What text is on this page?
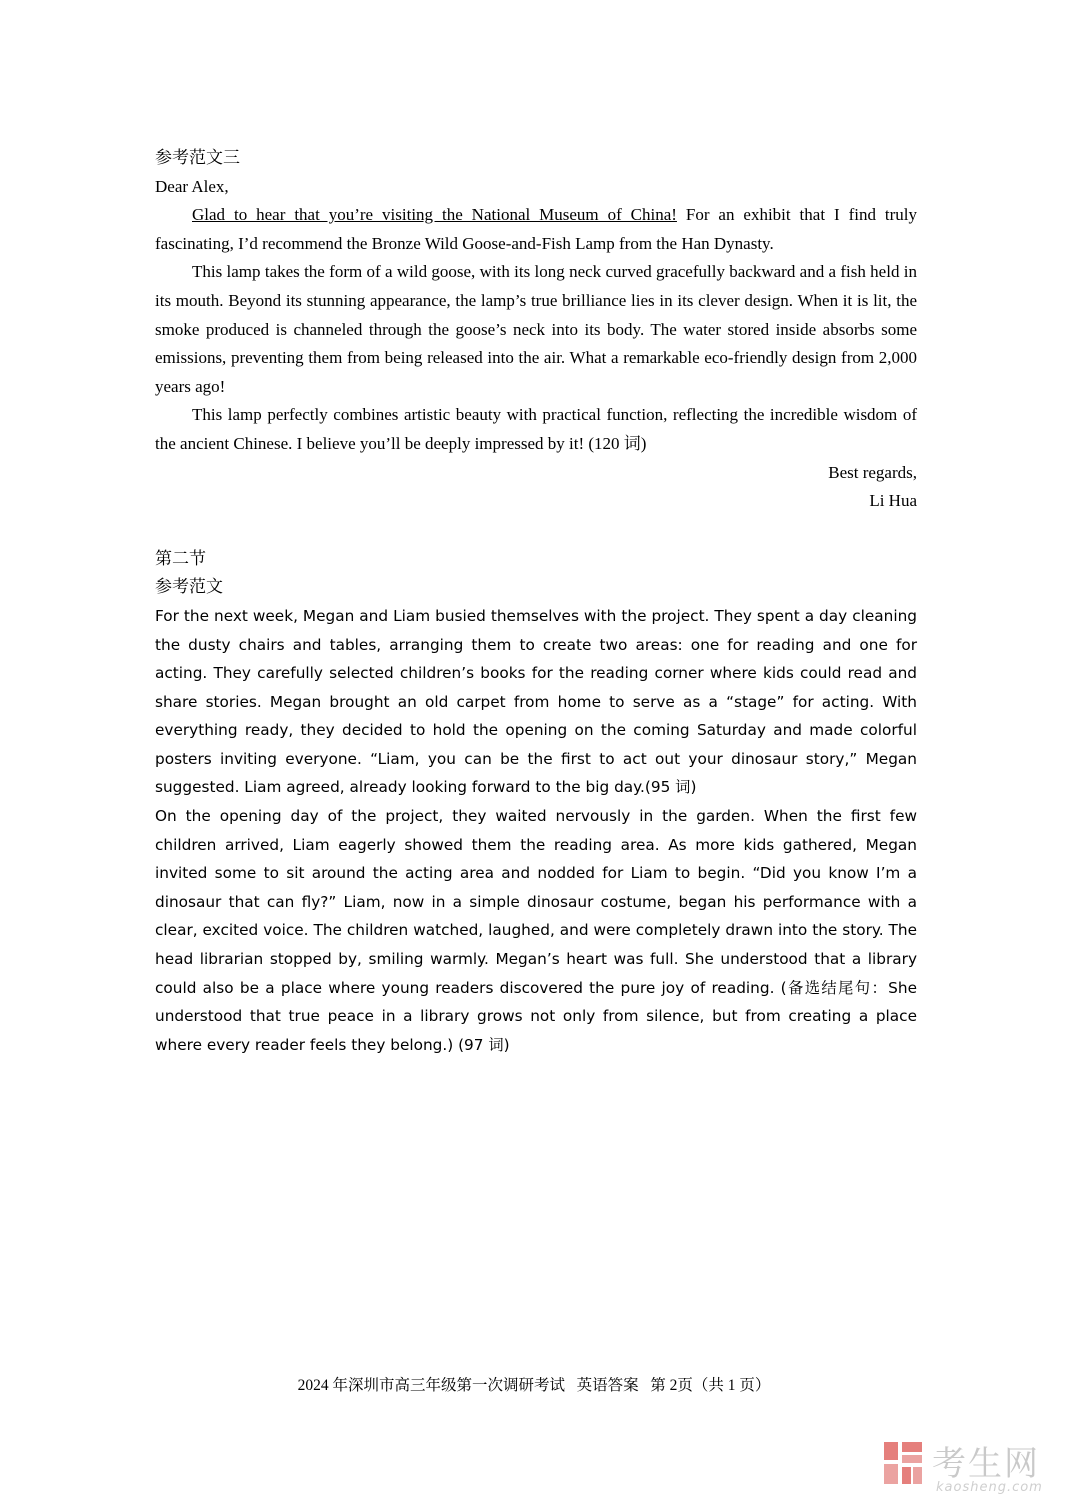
参考范文三

Dear Alex,

Glad to hear that you’re visiting the National Museum of China! For an exhibit that I find truly fascinating, I’d recommend the Bronze Wild Goose-and-Fish Lamp from the Han Dynasty.

This lamp takes the form of a wild goose, with its long neck curved gracefully backward and a fish held in its mouth. Beyond its stunning appearance, the lamp’s true brilliance lies in its clever design. When it is lit, the smoke produced is channeled through the goose’s neck into its body. The water stored inside absorbs some emissions, preventing them from being released into the air. What a remarkable eco-friendly design from 2,000 years ago!

This lamp perfectly combines artistic beauty with practical function, reflecting the incredible wisdom of the ancient Chinese. I believe you’ll be deeply impressed by it! (120 词)

Best regards,

Li Hua

第二节

参考范文

For the next week, Megan and Liam busied themselves with the project. They spent a day cleaning the dusty chairs and tables, arranging them to create two areas: one for reading and one for acting. They carefully selected children’s books for the reading corner where kids could read and share stories. Megan brought an old carpet from home to serve as a “stage” for acting. With everything ready, they decided to hold the opening on the coming Saturday and made colorful posters inviting everyone. “Liam, you can be the first to act out your dinosaur story,” Megan suggested. Liam agreed, already looking forward to the big day.(95 词)

On the opening day of the project, they waited nervously in the garden. When the first few children arrived, Liam eagerly showed them the reading area. As more kids gathered, Megan invited some to sit around the acting area and nodded for Liam to begin. “Did you know I’m a dinosaur that can fly?” Liam, now in a simple dinosaur costume, began his performance with a clear, excited voice. The children watched, laughed, and were completely drawn into the story. The head librarian stopped by, smiling warmly. Megan’s heart was full. She understood that a library could also be a place where young readers discovered the pure joy of reading. (备选结尾句：She understood that true peace in a library grows not only from silence, but from creating a place where every reader feels they belong.) (97 词)

2024 年深圳市高三年级第一次调研考试   英语答案   第 2页（共 1 页）
考生网
kaosheng.com
